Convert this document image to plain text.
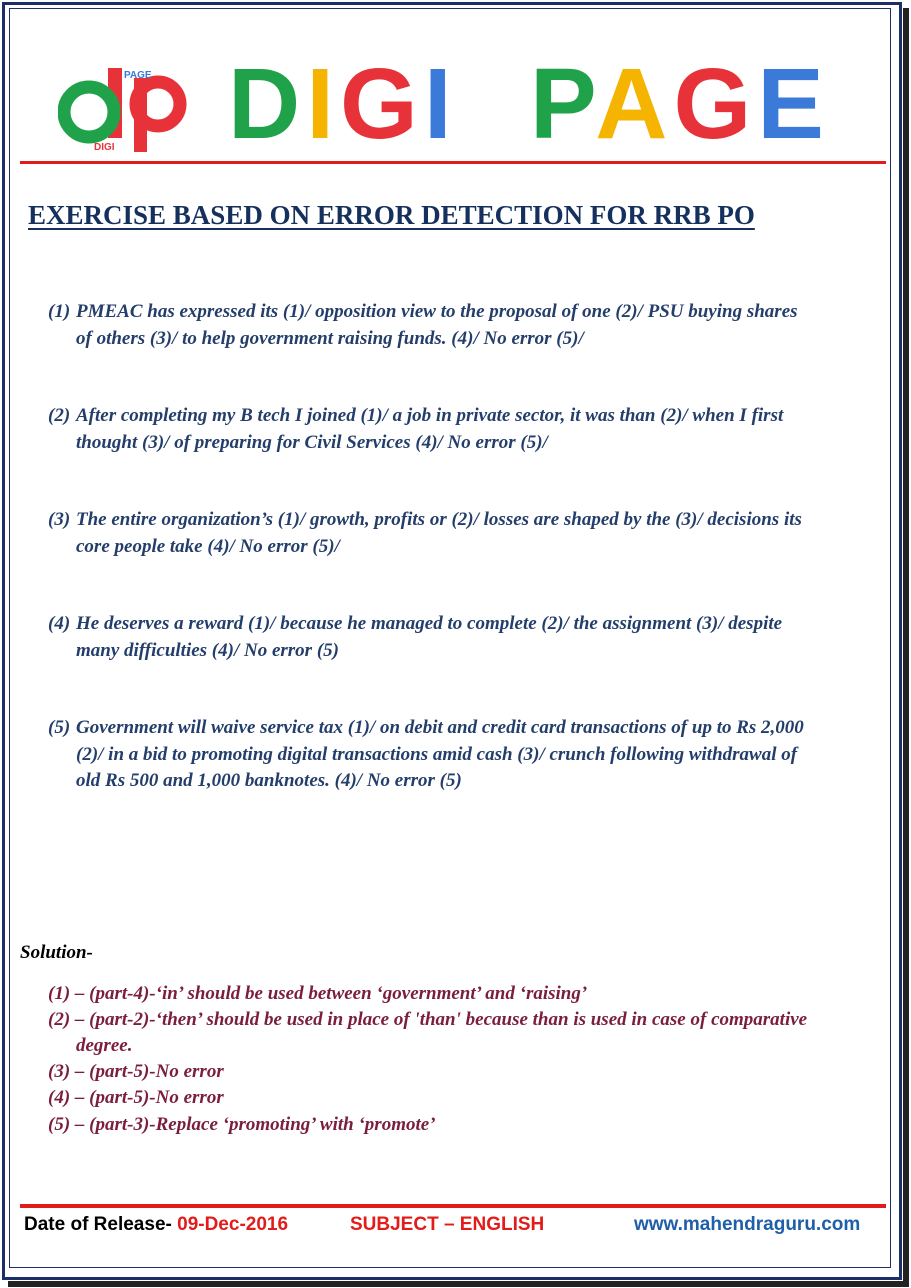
PAGE
DIGI DIGI PAGE
EXERCISE BASED ON ERROR DETECTION FOR RRB PO
(1) PMEAC has expressed its (1)/ opposition view to the proposal of one (2)/ PSU buying shares
of others (3)/ to help government raising funds. (4)/ No error (5)/
(2) After completing my B tech I joined (1)/ a job in private sector, it was than (2)/ when I first
thought (3)/ of preparing for Civil Services (4)/ No error (5)/
(3) The entire organization’s (1)/ growth, profits or (2)/ losses are shaped by the (3)/ decisions its
core people take (4)/ No error (5)/
(4) He deserves a reward (1)/ because he managed to complete (2)/ the assignment (3)/ despite
many difficulties (4)/ No error (5)
(5) Government will waive service tax (1)/ on debit and credit card transactions of up to Rs 2,000
(2)/ in a bid to promoting digital transactions amid cash (3)/ crunch following withdrawal of
old Rs 500 and 1,000 banknotes. (4)/ No error (5)
Solution-
(1) – (part-4)-‘in’ should be used between ‘government’ and ‘raising’
(2) – (part-2)-‘then’ should be used in place of 'than' because than is used in case of comparative
degree.
(3) – (part-5)-No error
(4) – (part-5)-No error
(5) – (part-3)-Replace ‘promoting’ with ‘promote’
Date of Release- 09-Dec-2016	SUBJECT – ENGLISH	www.mahendraguru.com
